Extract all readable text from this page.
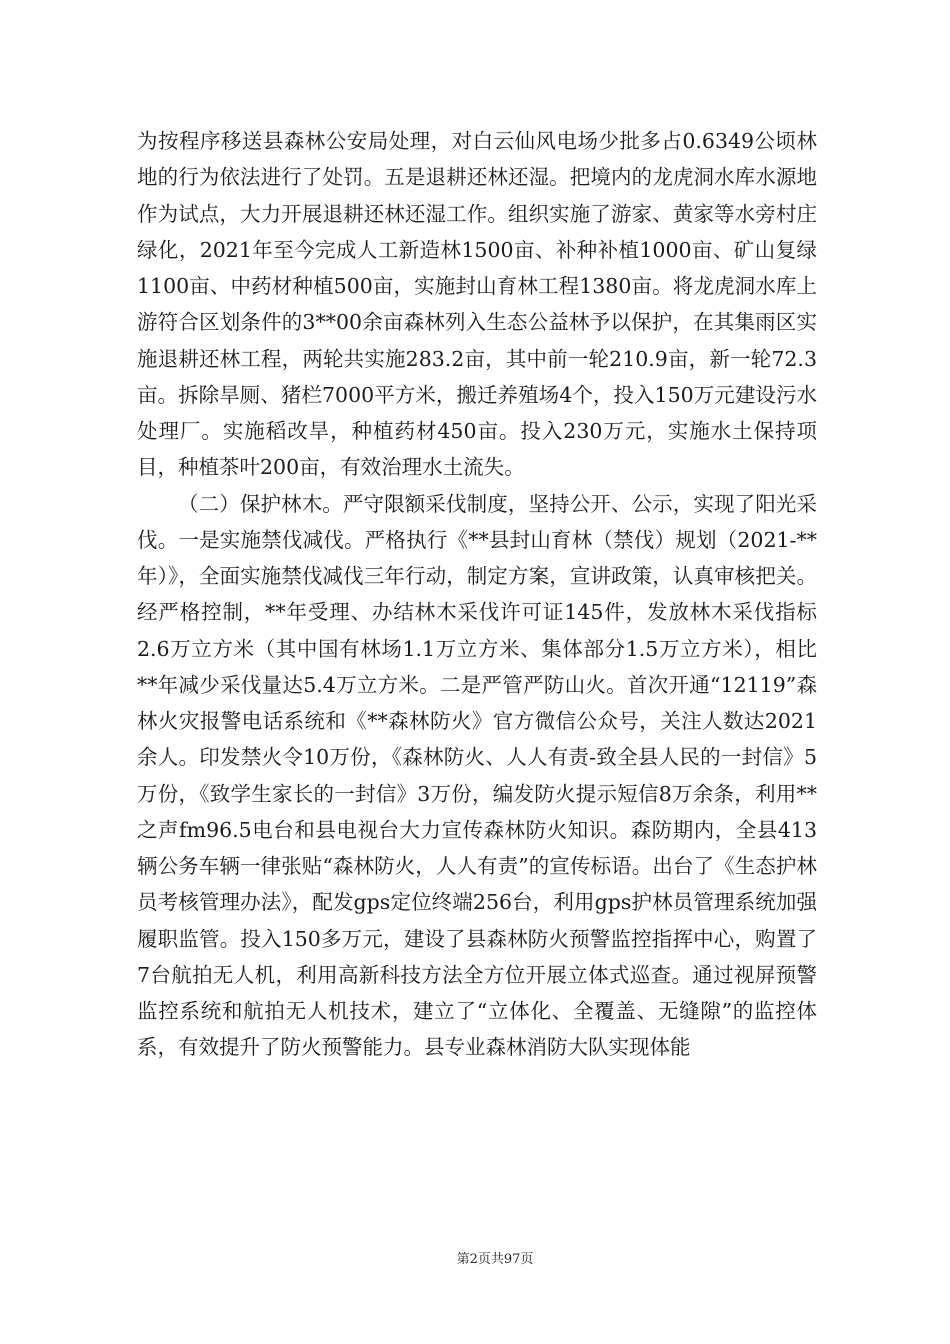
为按程序移送县森林公安局处理，对白云仙风电场少批多占0.6349公顷林地的行为依法进行了处罚。五是退耕还林还湿。把境内的龙虎洞水库水源地作为试点，大力开展退耕还林还湿工作。组织实施了游家、黄家等水旁村庄绿化，2021年至今完成人工新造林1500亩、补种补植1000亩、矿山复绿1100亩、中药材种植500亩，实施封山育林工程1380亩。将龙虎洞水库上游符合区划条件的3**00余亩森林列入生态公益林予以保护，在其集雨区实施退耕还林工程，两轮共实施283.2亩，其中前一轮210.9亩，新一轮72.3亩。拆除旱厕、猪栏7000平方米，搬迁养殖场4个，投入150万元建设污水处理厂。实施稻改旱，种植药材450亩。投入230万元，实施水土保持项目，种植茶叶200亩，有效治理水土流失。

（二）保护林木。严守限额采伐制度，坚持公开、公示，实现了阳光采伐。一是实施禁伐减伐。严格执行《**县封山育林（禁伐）规划（2021-**年）》，全面实施禁伐减伐三年行动，制定方案，宣讲政策，认真审核把关。经严格控制，**年受理、办结林木采伐许可证145件，发放林木采伐指标2.6万立方米（其中国有林场1.1万立方米、集体部分1.5万立方米），相比**年减少采伐量达5.4万立方米。二是严管严防山火。首次开通“12119”森林火灾报警电话系统和《**森林防火》官方微信公众号，关注人数达2021余人。印发禁火令10万份，《森林防火、人人有责-致全县人民的一封信》5万份，《致学生家长的一封信》3万份，编发防火提示短信8万余条，利用**之声fm96.5电台和县电视台大力宣传森林防火知识。森防期内，全县413辆公务车辆一律张贴“森林防火，人人有责”的宣传标语。出台了《生态护林员考核管理办法》，配发gps定位终端256台，利用gps护林员管理系统加强履职监管。投入150多万元，建设了县森林防火预警监控指挥中心，购置了7台航拍无人机，利用高新科技方法全方位开展立体式巡查。通过视屏预警监控系统和航拍无人机技术，建立了“立体化、全覆盖、无缝隙”的监控体系，有效提升了防火预警能力。县专业森林消防大队实现体能

第2页共97页
